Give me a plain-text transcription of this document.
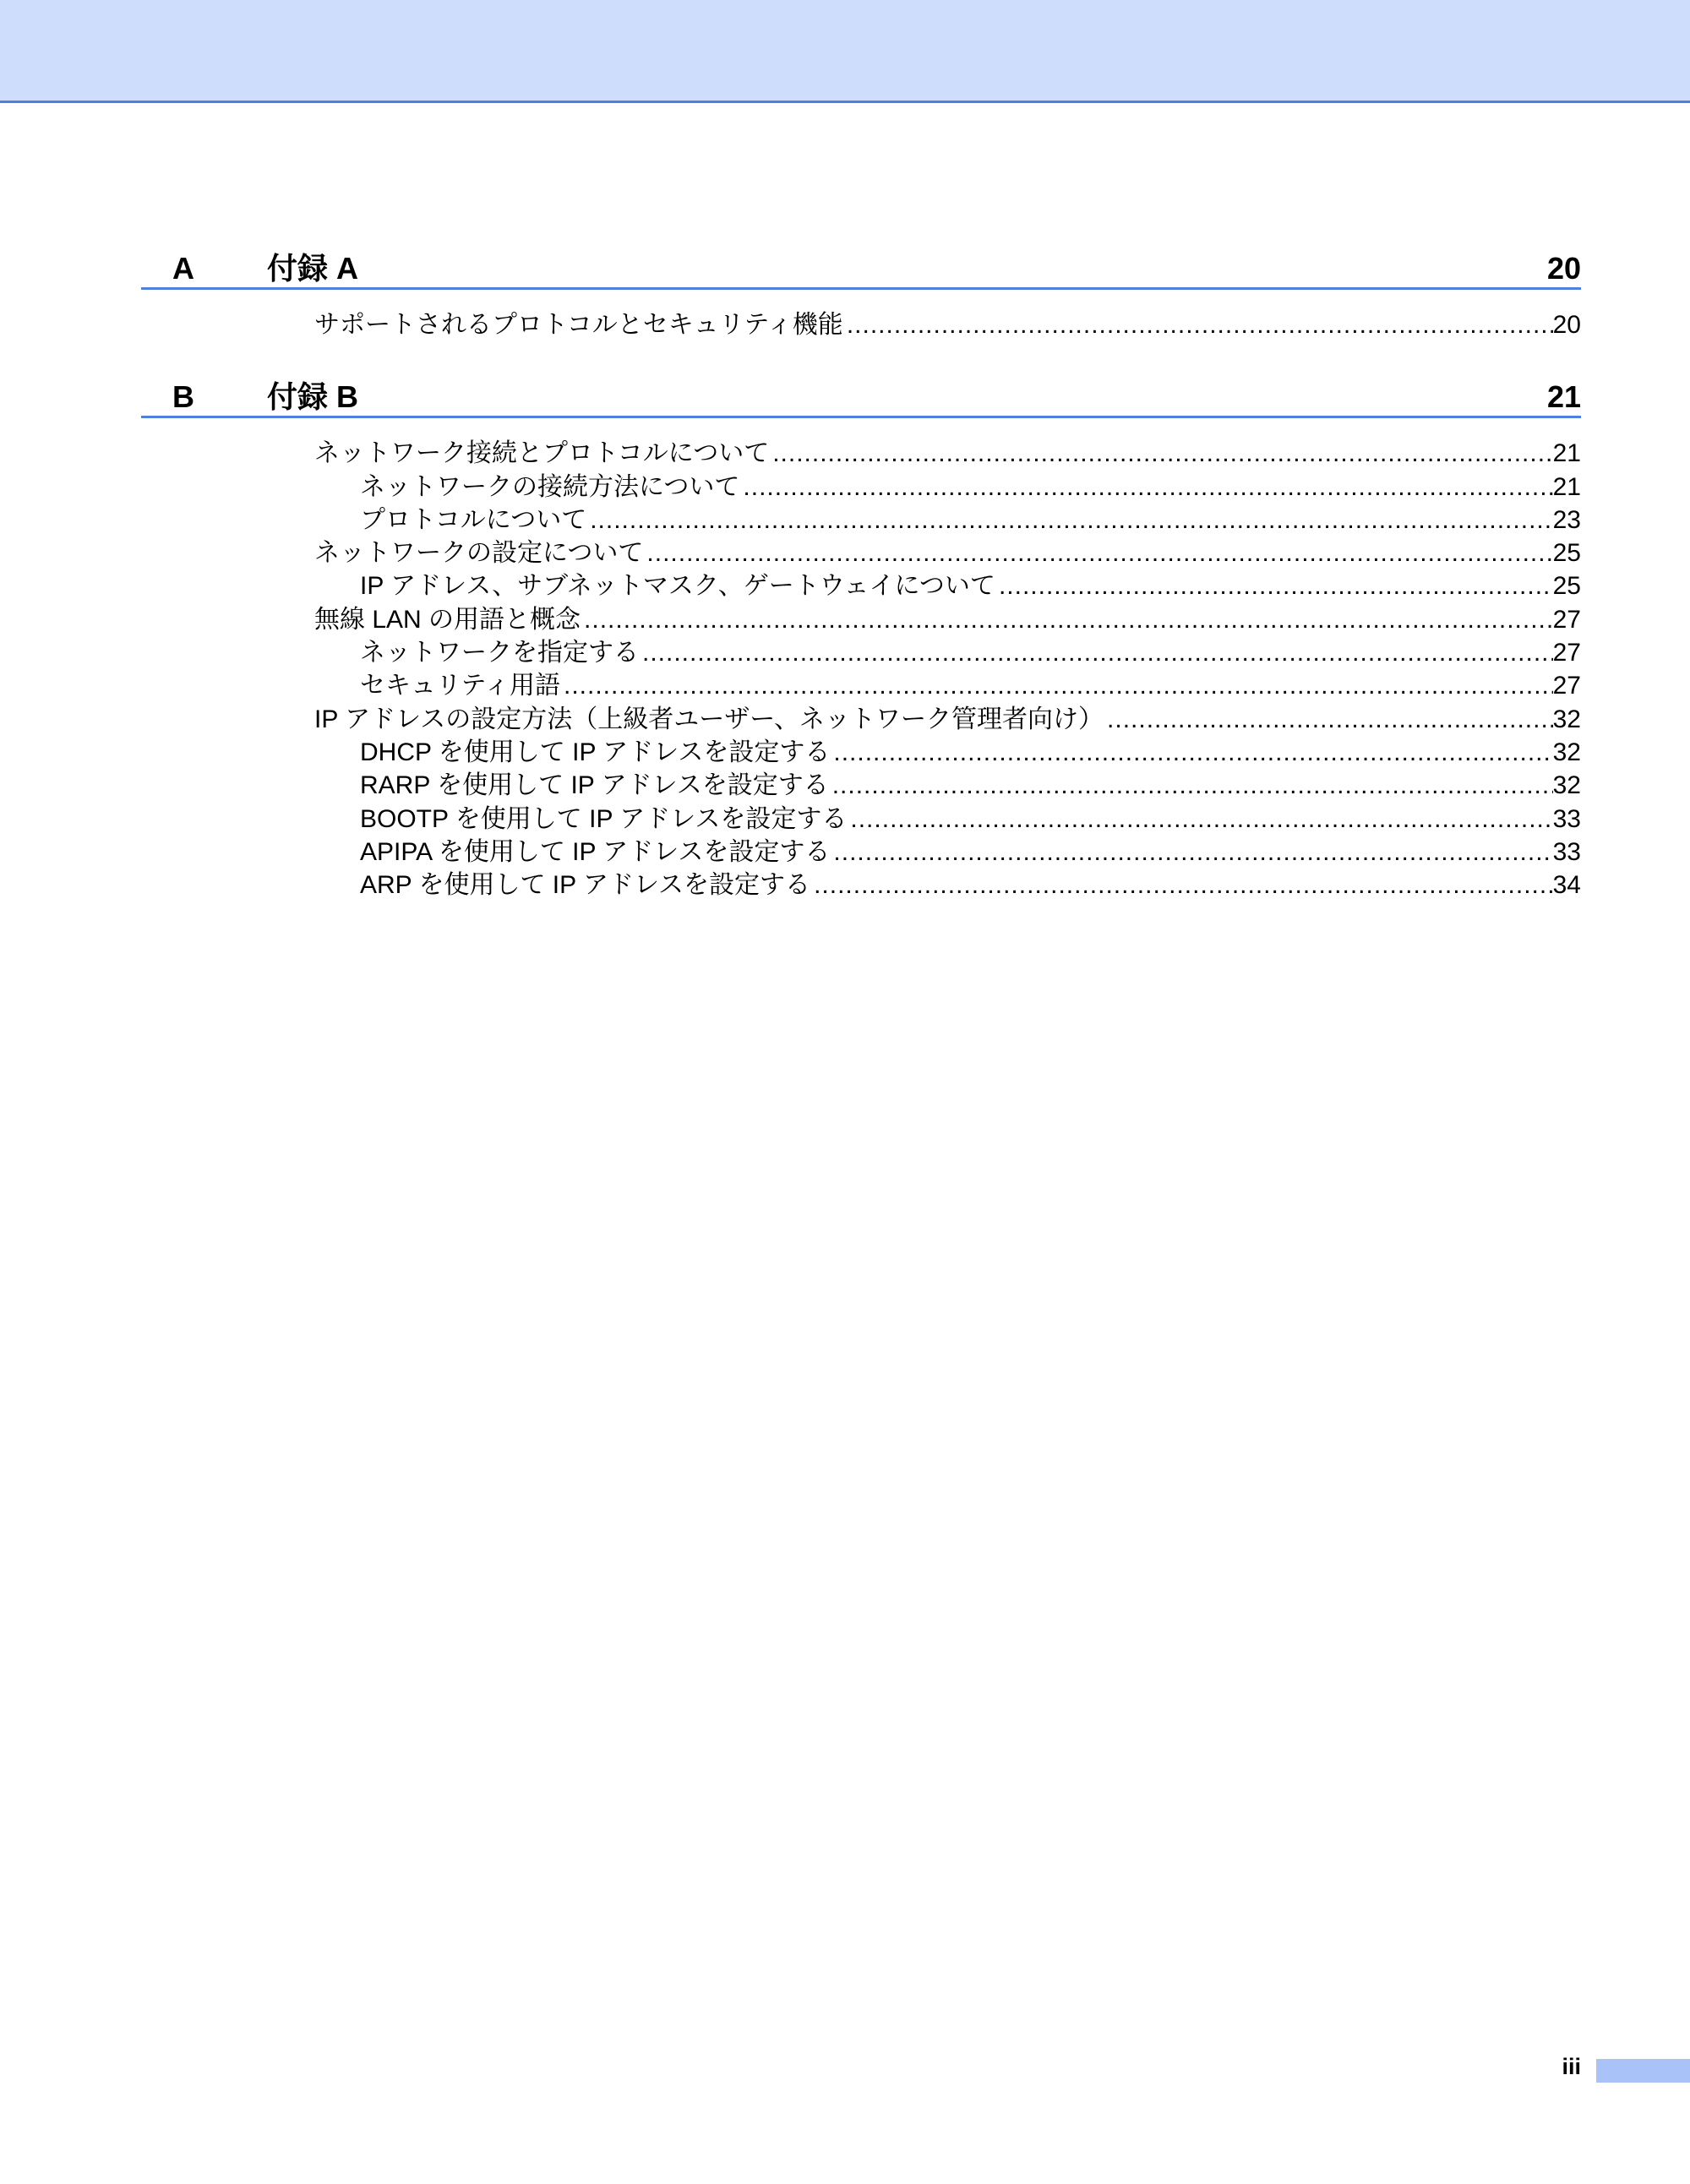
A 付録 A	20
サポートされるプロトコルとセキュリティ機能 .....	20
B 付録 B	21
ネットワーク接続とプロトコルについて .....	21
ネットワークの接続方法について .....	21
プロトコルについて .....	23
ネットワークの設定について .....	25
IP アドレス、サブネットマスク、ゲートウェイについて .....	25
無線 LAN の用語と概念 .....	27
ネットワークを指定する .....	27
セキュリティ用語 .....	27
IP アドレスの設定方法（上級者ユーザー、ネットワーク管理者向け） .....	32
DHCP を使用して IP アドレスを設定する .....	32
RARP を使用して IP アドレスを設定する .....	32
BOOTP を使用して IP アドレスを設定する .....	33
APIPA を使用して IP アドレスを設定する .....	33
ARP を使用して IP アドレスを設定する .....	34
iii
